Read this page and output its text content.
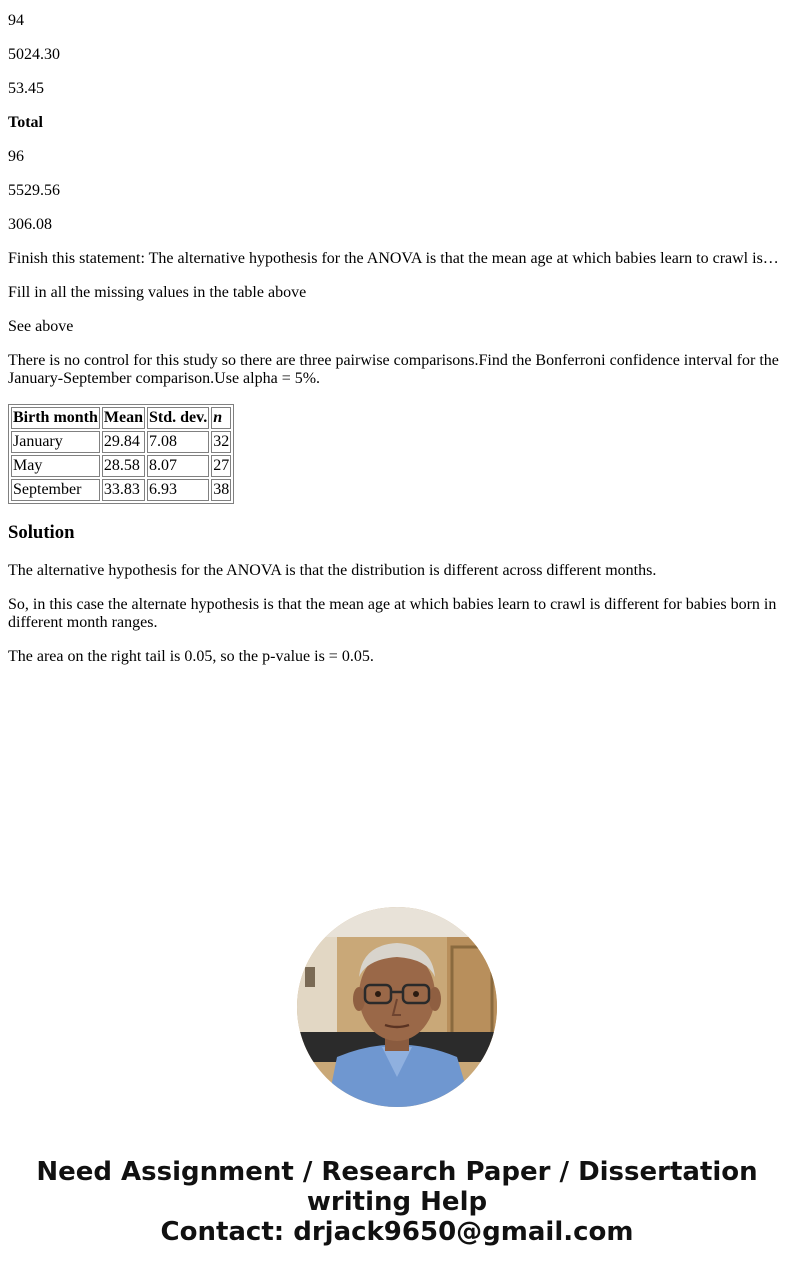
94

5024.30

53.45

Total

96

5529.56

306.08

Finish this statement: The alternative hypothesis for the ANOVA is that the mean age at which babies learn to crawl is…

Fill in all the missing values in the table above

See above

There is no control for this study so there are three pairwise comparisons.Find the Bonferroni confidence interval for the January-September comparison.Use alpha = 5%.

Birth month	Mean	Std. dev.	n
January	29.84	7.08	32
May	28.58	8.07	27
September	33.83	6.93	38
Solution

The alternative hypothesis for the ANOVA is that the distribution is different across different months.

So, in this case the alternate hypothesis is that the mean age at which babies learn to crawl is different for babies born in different month ranges.

The area on the right tail is 0.05, so the p-value is = 0.05.

Need Assignment / Research Paper / Dissertation writing Help
Contact: drjack9650@gmail.com
